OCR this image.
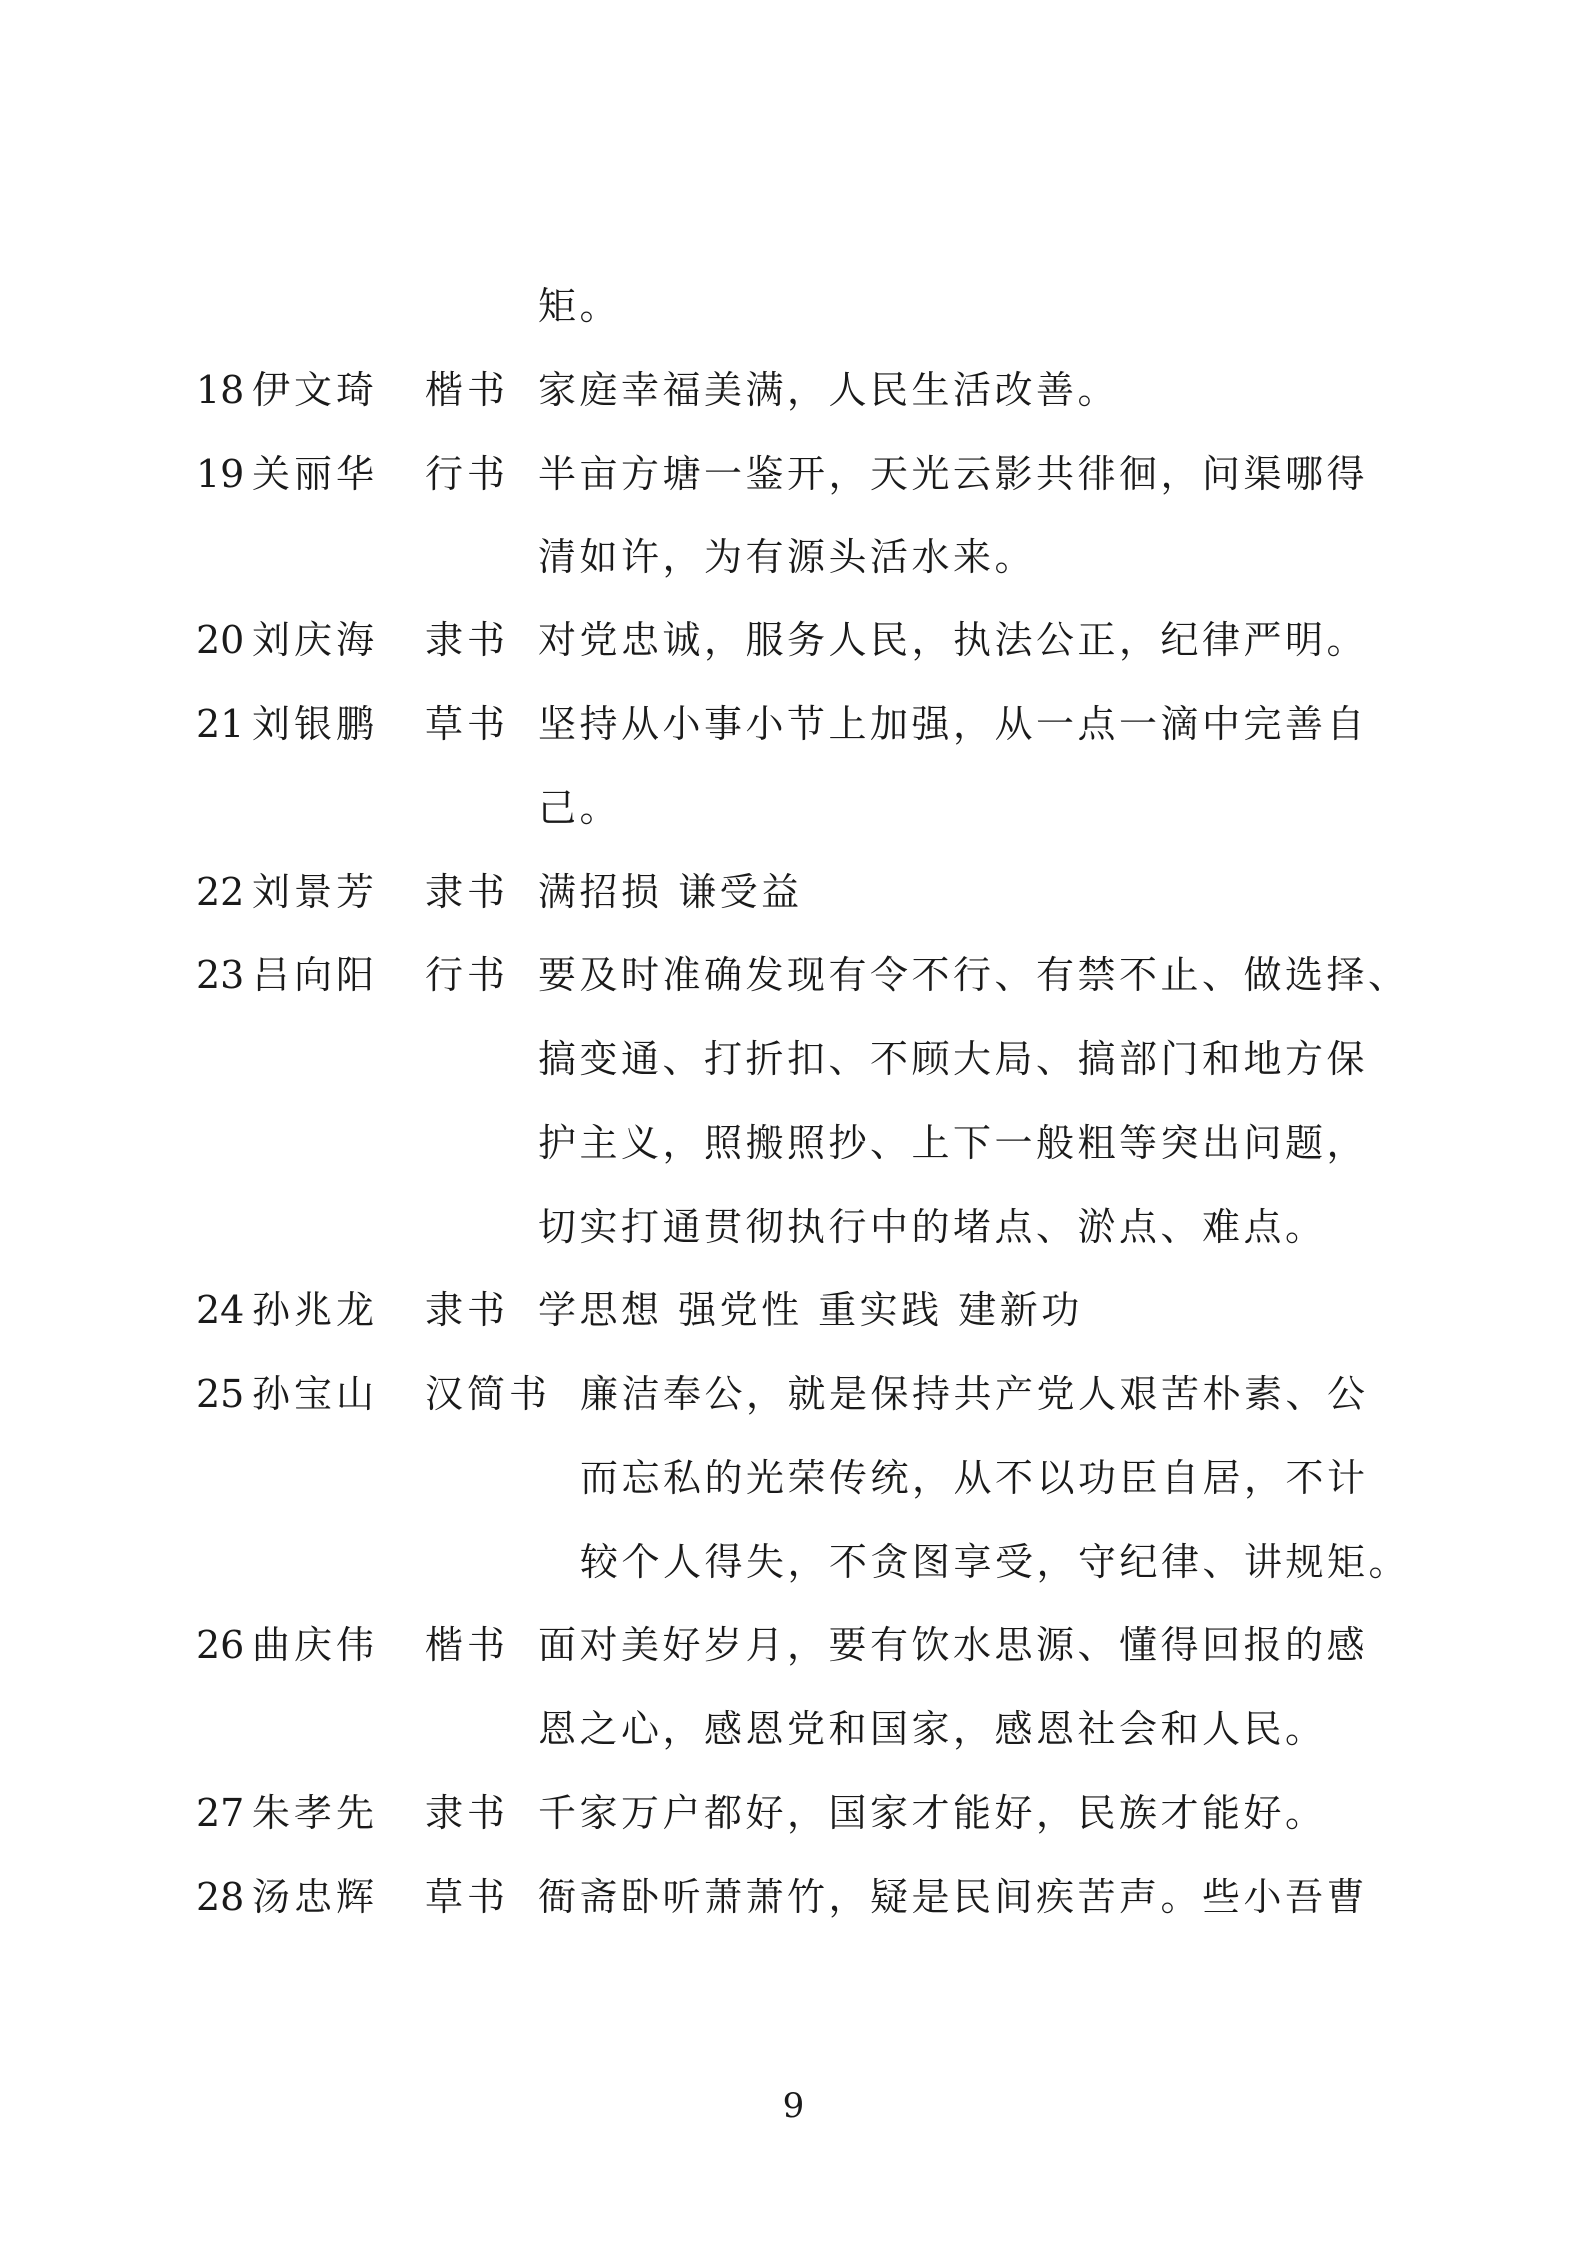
矩。
18 伊文琦 楷书 家庭幸福美满，人民生活改善。
19 关丽华 行书 半亩方塘一鉴开，天光云影共徘徊，问渠哪得
清如许，为有源头活水来。
20 刘庆海 隶书 对党忠诚，服务人民，执法公正，纪律严明。
21 刘银鹏 草书 坚持从小事小节上加强，从一点一滴中完善自
己。
22 刘景芳 隶书 满招损 谦受益
23 吕向阳 行书 要及时准确发现有令不行、有禁不止、做选择、
搞变通、打折扣、不顾大局、搞部门和地方保
护主义，照搬照抄、上下一般粗等突出问题，
切实打通贯彻执行中的堵点、淤点、难点。
24 孙兆龙 隶书 学思想 强党性 重实践 建新功
25 孙宝山 汉简书 廉洁奉公，就是保持共产党人艰苦朴素、公
而忘私的光荣传统，从不以功臣自居，不计
较个人得失，不贪图享受，守纪律、讲规矩。
26 曲庆伟 楷书 面对美好岁月，要有饮水思源、懂得回报的感
恩之心，感恩党和国家，感恩社会和人民。
27 朱孝先 隶书 千家万户都好，国家才能好，民族才能好。
28 汤忠辉 草书 衙斋卧听萧萧竹，疑是民间疾苦声。些小吾曹
9
